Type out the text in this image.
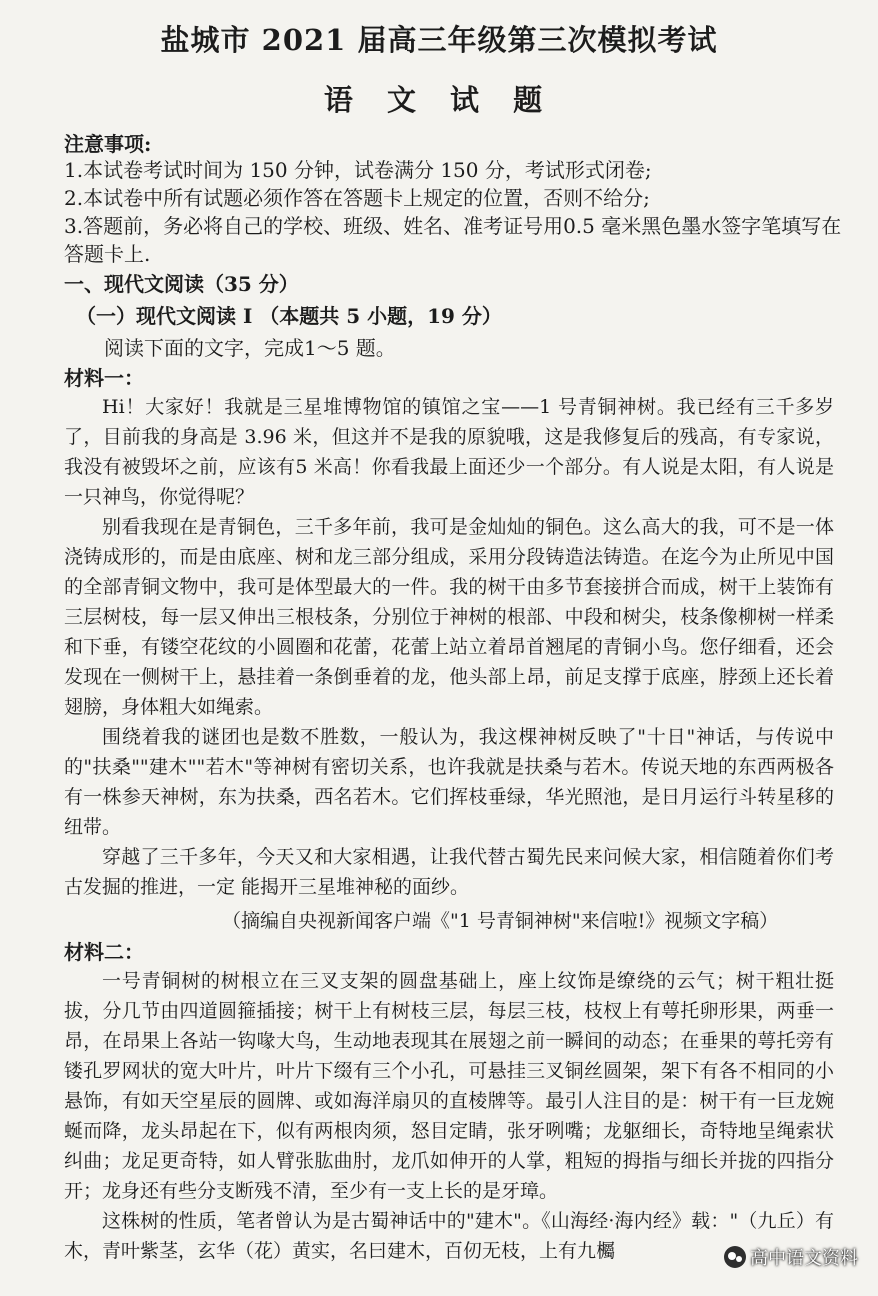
盐城市 2021 届高三年级第三次模拟考试
语 文 试 题
注意事项:
1.本试卷考试时间为 150 分钟，试卷满分 150 分，考试形式闭卷;
2.本试卷中所有试题必须作答在答题卡上规定的位置，否则不给分;
3.答题前，务必将自己的学校、班级、姓名、准考证号用0.5 毫米黑色墨水签字笔填写在答题卡上.
一、现代文阅读（35 分）
（一）现代文阅读 Ⅰ （本题共 5 小题，19 分）
阅读下面的文字，完成1～5 题。
材料一：

Hi！大家好！我就是三星堆博物馆的镇馆之宝——1 号青铜神树。我已经有三千多岁了，目前我的身高是 3.96 米，但这并不是我的原貌哦，这是我修复后的残高，有专家说，我没有被毁坏之前，应该有5 米高！你看我最上面还少一个部分。有人说是太阳，有人说是一只神鸟，你觉得呢？

别看我现在是青铜色，三千多年前，我可是金灿灿的铜色。这么高大的我，可不是一体浇铸成形的，而是由底座、树和龙三部分组成，采用分段铸造法铸造。在迄今为止所见中国的全部青铜文物中，我可是体型最大的一件。我的树干由多节套接拼合而成，树干上装饰有三层树枝，每一层又伸出三根枝条，分别位于神树的根部、中段和树尖，枝条像柳树一样柔和下垂，有镂空花纹的小圆圈和花蕾，花蕾上站立着昂首翘尾的青铜小鸟。您仔细看，还会发现在一侧树干上，悬挂着一条倒垂着的龙，他头部上昂，前足支撑于底座，脖颈上还长着翅膀，身体粗大如绳索。

围绕着我的谜团也是数不胜数，一般认为，我这棵神树反映了"十日"神话，与传说中的"扶桑""建木""若木"等神树有密切关系，也许我就是扶桑与若木。传说天地的东西两极各有一株参天神树，东为扶桑，西名若木。它们挥枝垂绿，华光照池，是日月运行斗转星移的纽带。

穿越了三千多年，今天又和大家相遇，让我代替古蜀先民来问候大家，相信随着你们考古发掘的推进，一定 能揭开三星堆神秘的面纱。

（摘编自央视新闻客户端《"1 号青铜神树"来信啦!》视频文字稿）
材料二：

一号青铜树的树根立在三叉支架的圆盘基础上，座上纹饰是缭绕的云气；树干粗壮挺拔，分几节由四道圆箍插接；树干上有树枝三层，每层三枝，枝杈上有萼托卵形果，两垂一昂，在昂果上各站一钩喙大鸟，生动地表现其在展翅之前一瞬间的动态；在垂果的萼托旁有镂孔罗网状的宽大叶片，叶片下缀有三个小孔，可悬挂三叉铜丝圆架，架下有各不相同的小悬饰，有如天空星辰的圆牌、或如海洋扇贝的直棱牌等。最引人注目的是：树干有一巨龙婉蜒而降，龙头昂起在下，似有两根肉须，怒目定睛，张牙咧嘴；龙躯细长，奇特地呈绳索状纠曲；龙足更奇特，如人臂张肱曲肘，龙爪如伸开的人掌，粗短的拇指与细长并拢的四指分开；龙身还有些分支断残不清，至少有一支上长的是牙璋。

这株树的性质，笔者曾认为是古蜀神话中的"建木"。《山海经·海内经》载："（九丘）有木，青叶紫茎，玄华（花）黄实，名曰建木，百仞无枝，上有九欘	高中语文资料
